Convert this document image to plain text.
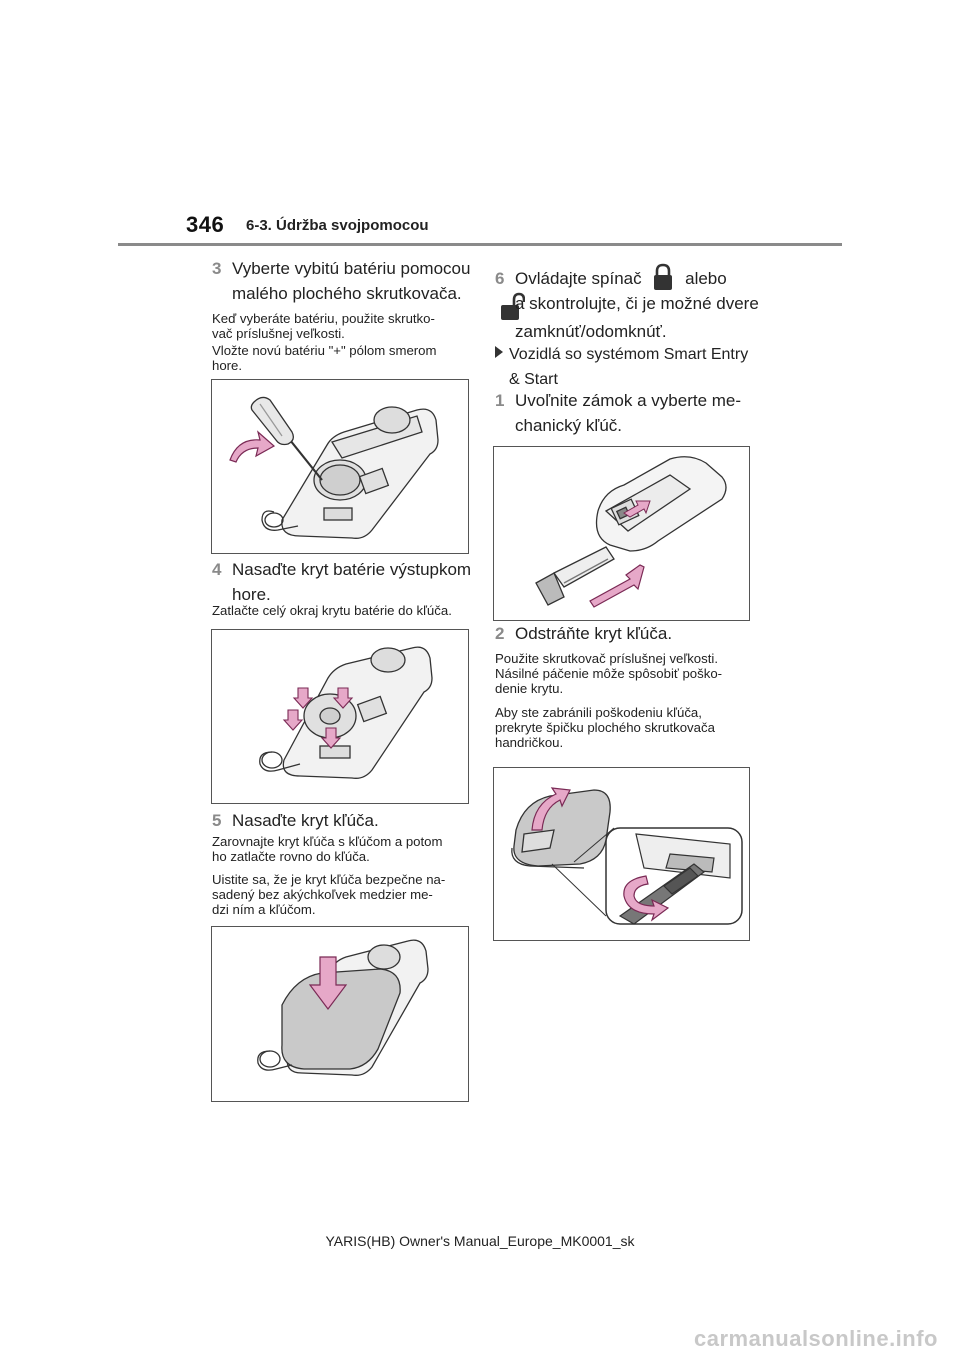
346 6-3. Údržba svojpomocou
3 Vyberte vybitú batériu pomocou
malého plochého skrutkovača.
Keď vyberáte batériu, použite skrutko-
vač príslušnej veľkosti.
Vložte novú batériu "+" pólom smerom
hore.
4 Nasaďte kryt batérie výstupkom
hore.
Zatlačte celý okraj krytu batérie do kľúča.
5 Nasaďte kryt kľúča.
Zarovnajte kryt kľúča s kľúčom a potom
ho zatlačte rovno do kľúča.
Uistite sa, že je kryt kľúča bezpečne na-
sadený bez akýchkoľvek medzier me-
dzi ním a kľúčom.
6 Ovládajte spínač	alebo
a skontrolujte, či je možné dvere
zamknúť/odomknúť.
Vozidlá so systémom Smart Entry
& Start
1 Uvoľnite zámok a vyberte me-
chanický kľúč.
2 Odstráňte kryt kľúča.
Použite skrutkovač príslušnej veľkosti.
Násilné páčenie môže spôsobiť poško-
denie krytu.
Aby ste zabránili poškodeniu kľúča,
prekryte špičku plochého skrutkovača
handričkou.
YARIS(HB) Owner's Manual_Europe_MK0001_sk
carmanualsonline.info
